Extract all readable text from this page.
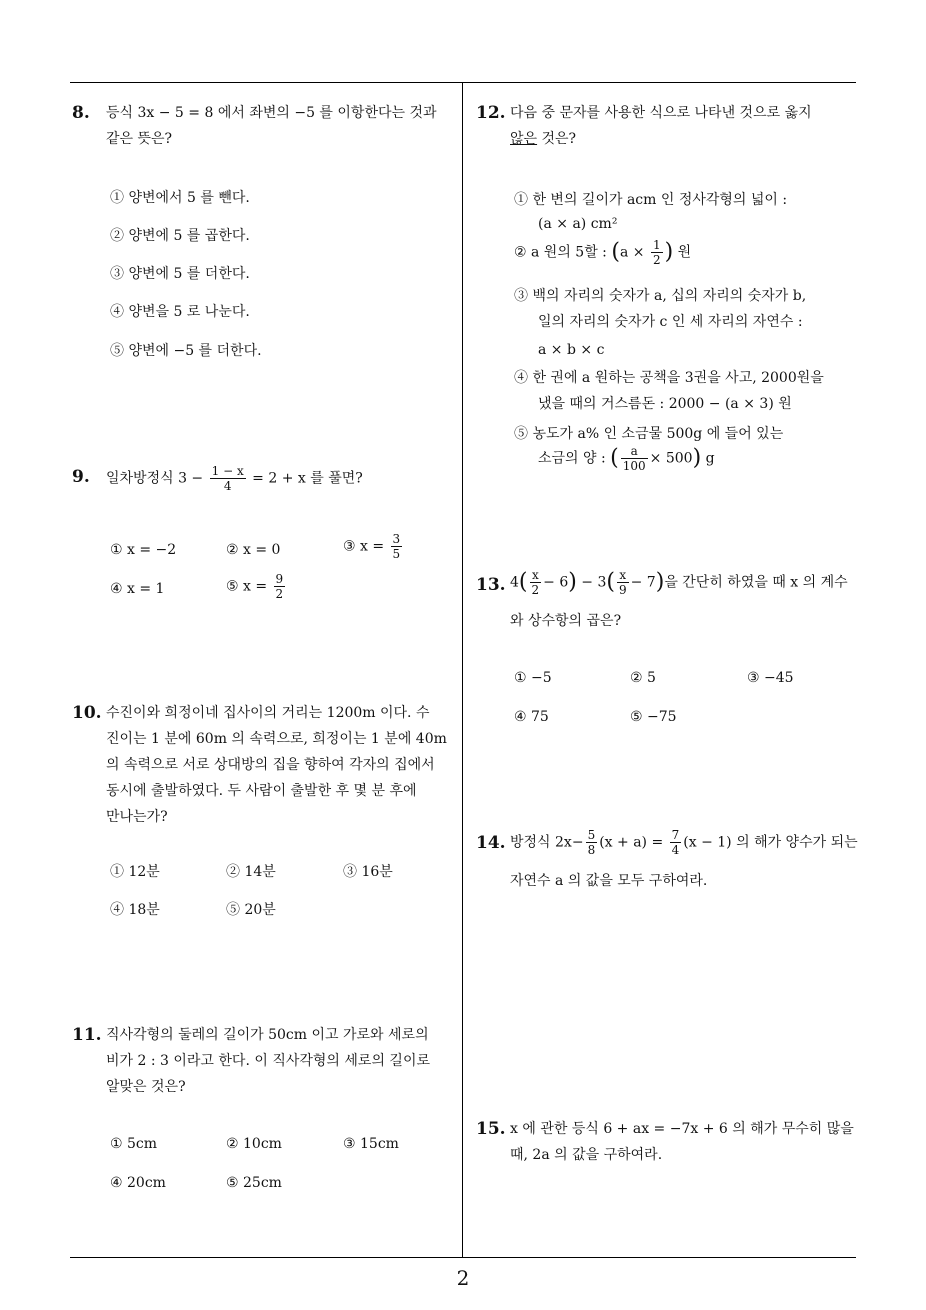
8. 등식 3x − 5 = 8 에서 좌변의 −5 를 이항한다는 것과
같은 뜻은?
① 양변에서 5 를 뺀다.
② 양변에 5 를 곱한다.
③ 양변에 5 를 더한다.
④ 양변을 5 로 나눈다.
⑤ 양변에 −5 를 더한다.
9. 일차방정식 $3 - \frac{1 - x}{4} = 2 + x$ 를 풀면?
① x = −2	② x = 0	③ $x = \frac{3}{5}$
④ x = 1	⑤ $x = \frac{9}{2}$
10. 수진이와 희정이네 집사이의 거리는 1200m 이다. 수
진이는 1 분에 60m 의 속력으로, 희정이는 1 분에 40m
의 속력으로 서로 상대방의 집을 향하여 각자의 집에서
동시에 출발하였다. 두 사람이 출발한 후 몇 분 후에
만나는가?
① 12분	② 14분	③ 16분
④ 18분	⑤ 20분
11. 직사각형의 둘레의 길이가 50cm 이고 가로와 세로의
비가 2 : 3 이라고 한다. 이 직사각형의 세로의 길이로
알맞은 것은?
① 5cm	② 10cm	③ 15cm
④ 20cm	⑤ 25cm
12. 다음 중 문자를 사용한 식으로 나타낸 것으로 옳지
않은 것은?
① 한 변의 길이가 acm 인 정사각형의 넓이 :
(a × a) cm²
② a 원의 5할 : ($a \times \frac{1}{2}$ ) 원
③ 백의 자리의 숫자가 a, 십의 자리의 숫자가 b,
일의 자리의 숫자가 c 인 세 자리의 자연수 :
a × b × c
④ 한 권에 a 원하는 공책을 3권을 사고, 2000원을
냈을 때의 거스름돈 : 2000 − (a × 3) 원
⑤ 농도가 a% 인 소금물 500g 에 들어 있는
소금의 양 : ( $\frac{a}{100} \times 500$) g
13. $4( \frac{x}{2} - 6) - 3( \frac{x}{9} - 7)$을 간단히 하였을 때 x 의 계수
와 상수항의 곱은?
① −5	② 5	③ −45
④ 75	⑤ −75
14. 방정식 $2x- \frac{5}{8} (x + a) = \frac{7}{4} (x - 1)$ 의 해가 양수가 되는
자연수 a 의 값을 모두 구하여라.
15. x 에 관한 등식 6 + ax = −7x + 6 의 해가 무수히 많을
때, 2a 의 값을 구하여라.
2
